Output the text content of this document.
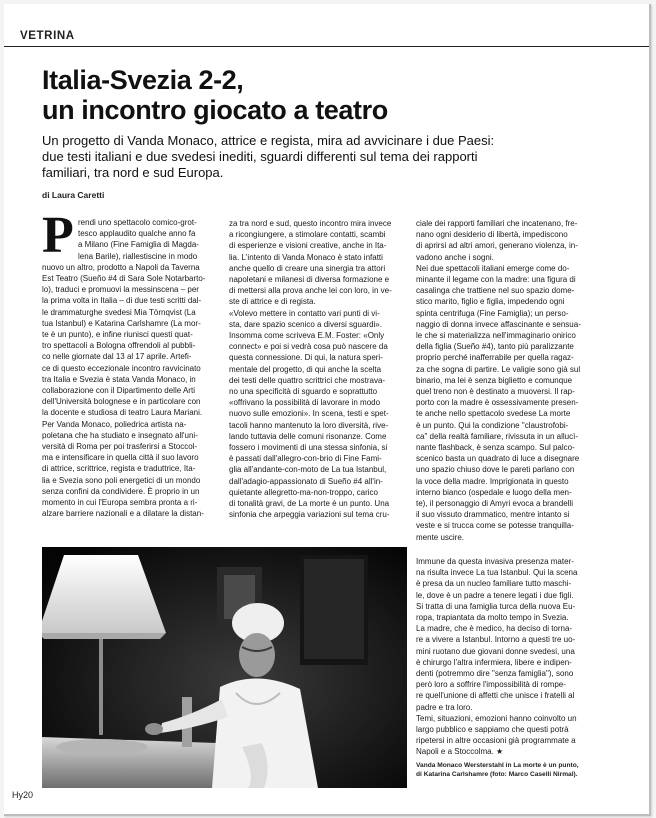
VETRINA
Italia-Svezia 2-2,
un incontro giocato a teatro
Un progetto di Vanda Monaco, attrice e regista, mira ad avvicinare i due Paesi:
due testi italiani e due svedesi inediti, sguardi differenti sul tema dei rapporti
familiari, tra nord e sud Europa.
di Laura Caretti
P rendi uno spettacolo comico-grot-
tesco applaudito qualche anno fa
a Milano (Fine Famiglia di Magda-
lena Barile), riallestiscine in modo
nuovo un altro, prodotto a Napoli da Taverna
Est Teatro (Sueño #4 di Sara Sole Notarbarto-
lo), traduci e promuovi la messinscena – per
la prima volta in Italia – di due testi scritti dal-
le drammaturghe svedesi Mia Törnqvist (La
tua Istanbul) e Katarina Carlshamre (La mor-
te è un punto), e infine riunisci questi quat-
tro spettacoli a Bologna offrendoli al pubbli-
co nelle giornate dal 13 al 17 aprile. Artefi-
ce di questo eccezionale incontro ravvicinato
tra Italia e Svezia è stata Vanda Monaco, in
collaborazione con il Dipartimento delle Arti
dell'Università bolognese e in particolare con
la docente e studiosa di teatro Laura Mariani.
Per Vanda Monaco, poliedrica artista na-
poletana che ha studiato e insegnato all'uni-
versità di Roma per poi trasferirsi a Stoccol-
ma e intensificare in quella città il suo lavoro
di attrice, scrittrice, regista e traduttrice, Ita-
lia e Svezia sono poli energetici di un mondo
senza confini da condividere. È proprio in un
momento in cui l'Europa sembra pronta a ri-
alzare barriere nazionali e a dilatare la distan-
za tra nord e sud, questo incontro mira invece
a ricongiungere, a stimolare contatti, scambi
di esperienze e visioni creative, anche in Ita-
lia. L'intento di Vanda Monaco è stato infatti
anche quello di creare una sinergia tra attori
napoletani e milanesi di diversa formazione e
di mettersi alla prova anche lei con loro, in ve-
ste di attrice e di regista.
«Volevo mettere in contatto vari punti di vi-
sta, dare spazio scenico a diversi sguardi».
Insomma come scriveva E.M. Foster: «Only
connect» e poi si vedrà cosa può nascere da
questa connessione. Di qui, la natura speri-
mentale del progetto, di qui anche la scelta
dei testi delle quattro scrittrici che mostrava-
no una specificità di sguardo e soprattutto
«offrivano la possibilità di lavorare in modo
nuovo sulle emozioni». In scena, testi e spet-
tacoli hanno mantenuto la loro diversità, rive-
lando tuttavia delle comuni risonanze. Come
fossero i movimenti di una stessa sinfonia, si
è passati dall'allegro-con-brio di Fine Fami-
glia all'andante-con-moto de La tua Istanbul,
dall'adagio-appassionato di Sueño #4 all'in-
quietante allegretto-ma-non-troppo, carico
di tonalità gravi, de La morte è un punto. Una
sinfonia che arpeggia variazioni sul tema cru-
ciale dei rapporti familiari che incatenano, fre-
nano ogni desiderio di libertà, impediscono
di aprirsi ad altri amori, generano violenza, in-
vadono anche i sogni.
Nei due spettacoli italiani emerge come do-
minante il legame con la madre: una figura di
casalinga che trattiene nel suo spazio dome-
stico marito, figlio e figlia, impedendo ogni
spinta centrifuga (Fine Famiglia); un perso-
naggio di donna invece affascinante e sensua-
le che si materializza nell'immaginario onirico
della figlia (Sueño #4), tanto più paralizzante
proprio perché inafferrabile per quella ragaz-
za che sogna di partire. Le valigie sono già sul
binario, ma lei è senza biglietto e comunque
quel treno non è destinato a muoversi. Il rap-
porto con la madre è ossessivamente presen-
te anche nello spettacolo svedese La morte
è un punto. Qui la condizione "claustrofobi-
ca" della realtà familiare, rivissuta in un allucì-
nante flashback, è senza scampo. Sul palco-
scenico basta un quadrato di luce a disegnare
uno spazio chiuso dove le pareti parlano con
la voce della madre. Imprigionata in questo
interno bianco (ospedale e luogo della men-
te), il personaggio di Amyri evoca a brandelli
il suo vissuto drammatico, mentre intanto si
veste e si trucca come se potesse tranquilla-
mente uscire.
Immune da questa invasiva presenza mater-
na risulta invece La tua Istanbul. Qui la scena
è presa da un nucleo familiare tutto maschi-
le, dove è un padre a tenere legati i due figli.
Si tratta di una famiglia turca della nuova Eu-
ropa, trapiantata da molto tempo in Svezia.
La madre, che è medico, ha deciso di torna-
re a vivere a Istanbul. Intorno a questi tre uo-
mini ruotano due giovani donne svedesi, una
è chirurgo l'altra infermiera, libere e indipen-
denti (potremmo dire "senza famiglia"), sono
però loro a soffrire l'impossibilità di rompe-
re quell'unione di affetti che unisce i fratelli al
padre e tra loro.
Temi, situazioni, emozioni hanno coinvolto un
largo pubblico e sappiamo che questi potrà
ripetersi in altre occasioni già programmate a
Napoli e a Stoccolma. ★
Vanda Monaco Wersterstahl in La morte è un punto,
di Katarina Carlshamre (foto: Marco Caselli Nirmal).
Hy20
